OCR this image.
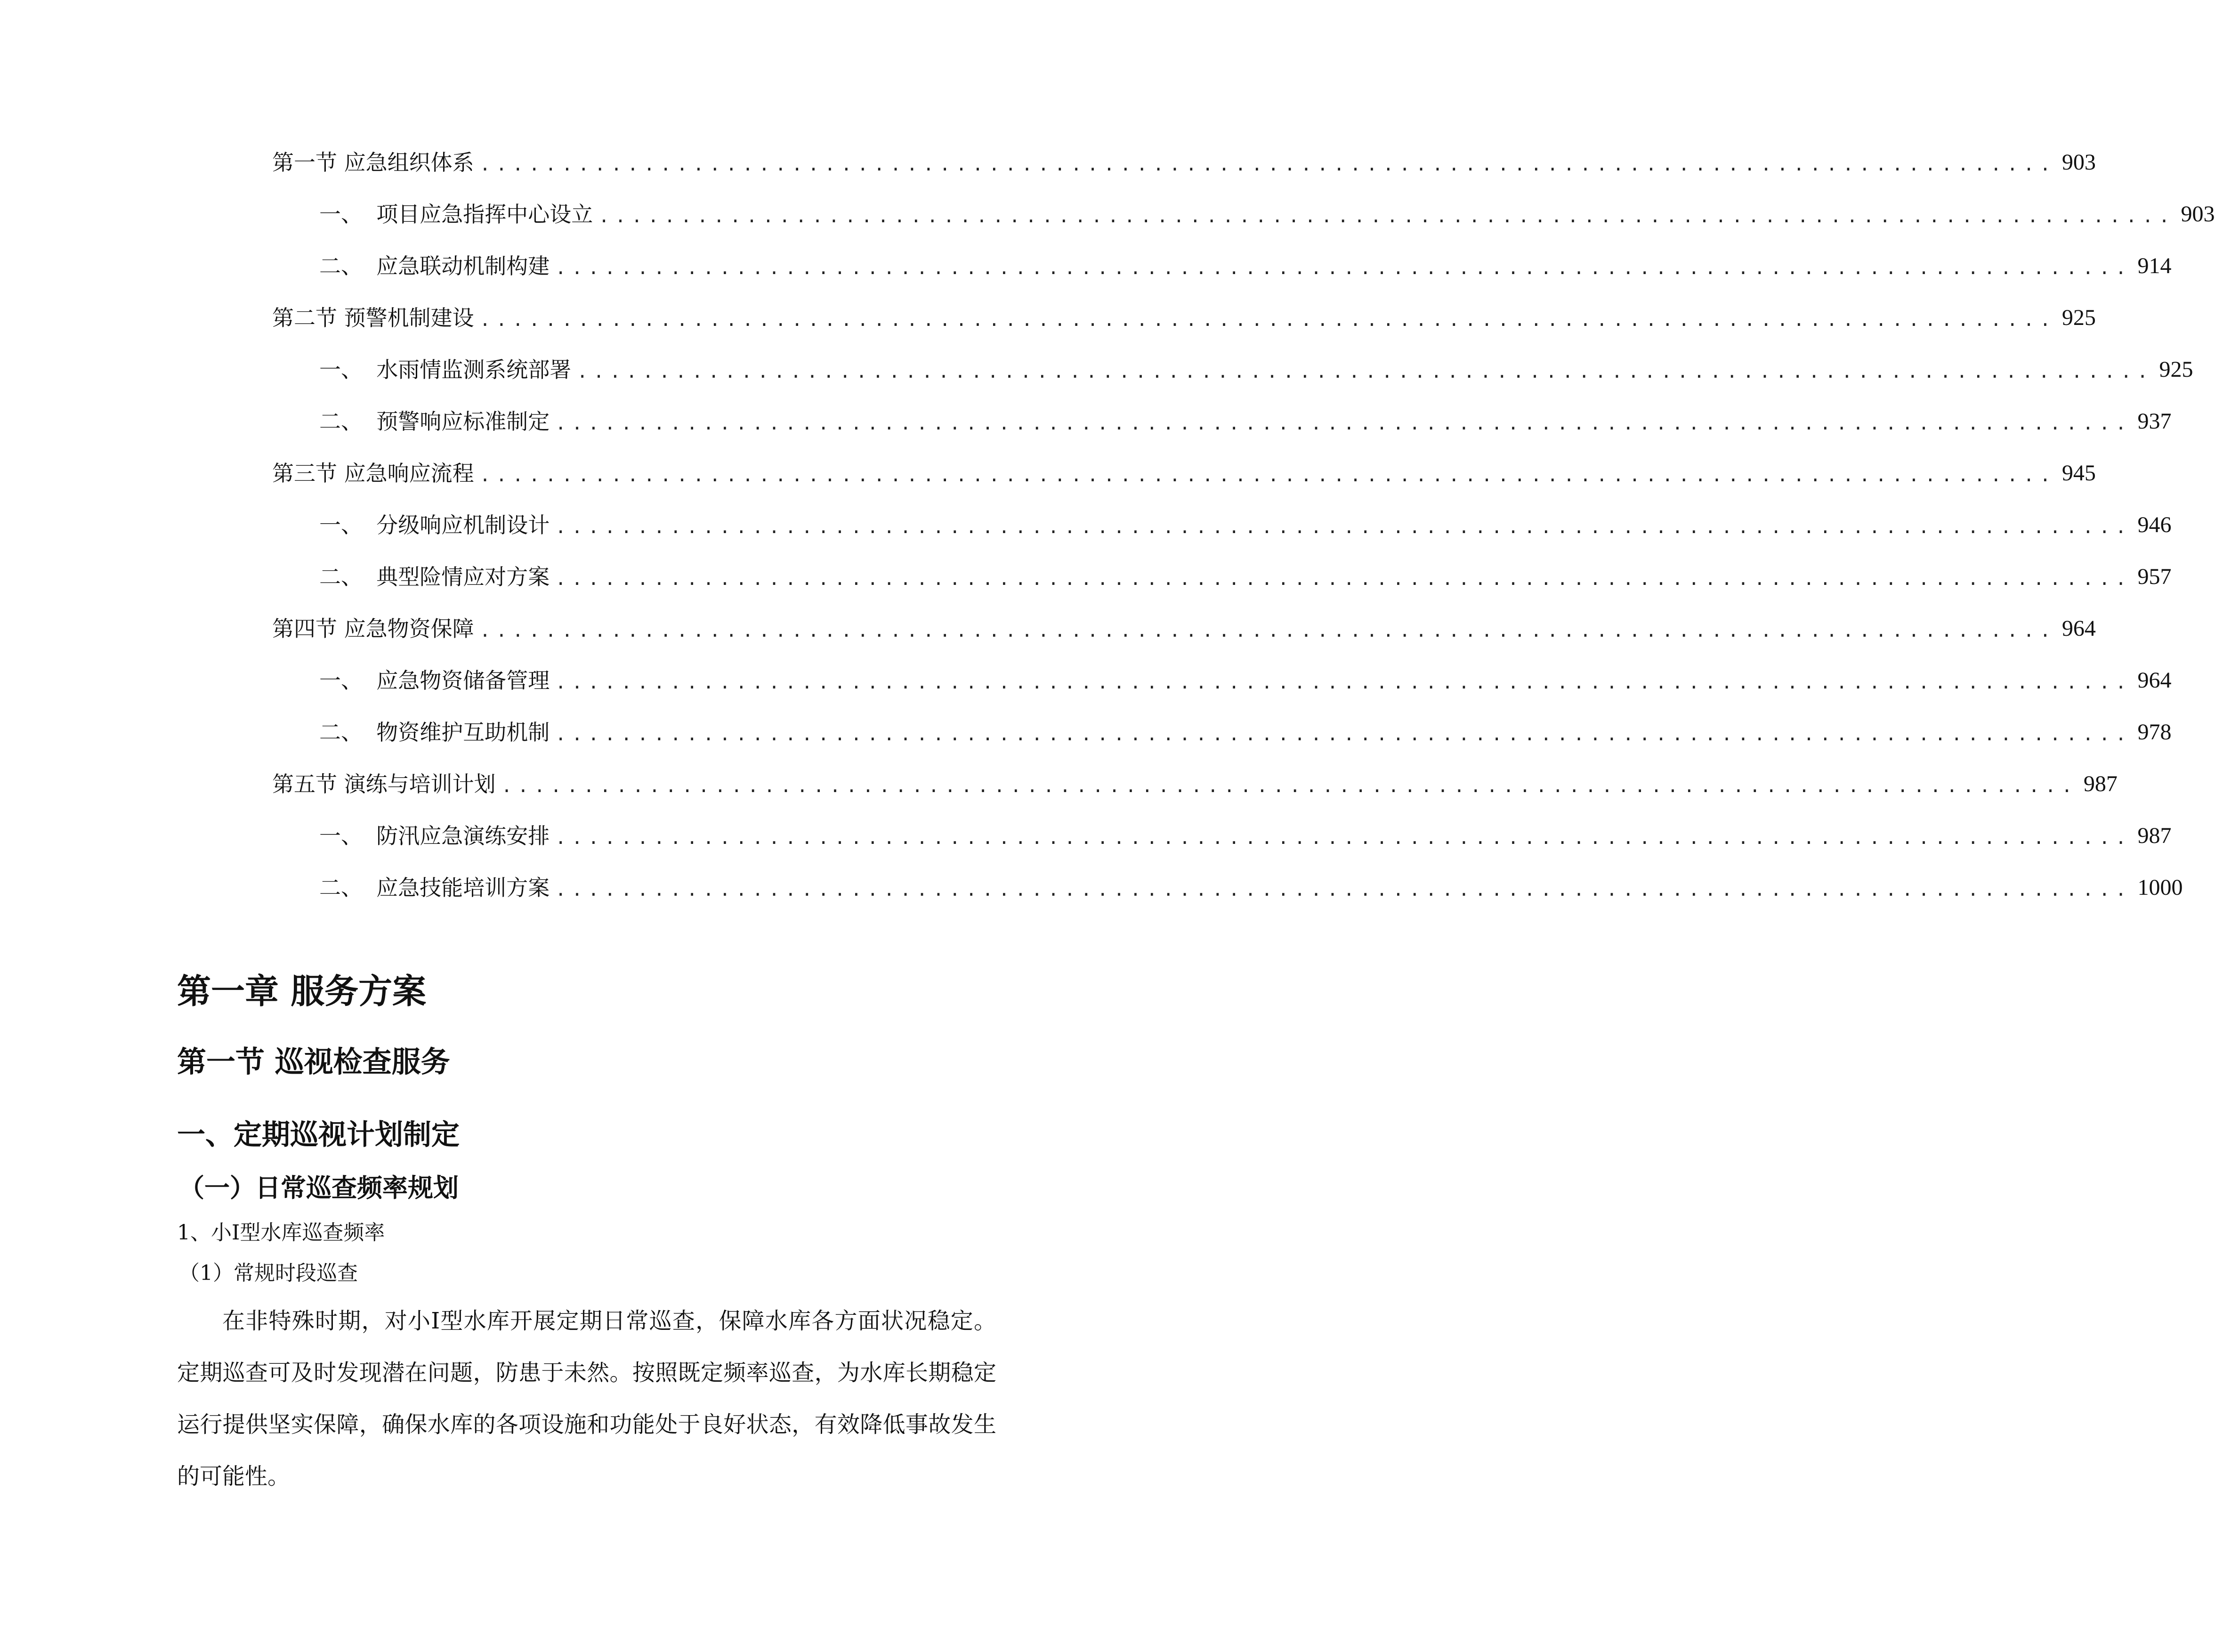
第一节 应急组织体系 ................................................................................................ 903
一、  项目应急指挥中心设立 ................................................................................................ 903
二、  应急联动机制构建 ................................................................................................ 914
第二节 预警机制建设 ................................................................................................ 925
一、  水雨情监测系统部署 ................................................................................................ 925
二、  预警响应标准制定 ................................................................................................ 937
第三节 应急响应流程 ................................................................................................ 945
一、  分级响应机制设计 ................................................................................................ 946
二、  典型险情应对方案 ................................................................................................ 957
第四节 应急物资保障 ................................................................................................ 964
一、  应急物资储备管理 ................................................................................................ 964
二、  物资维护互助机制 ................................................................................................ 978
第五节 演练与培训计划 ................................................................................................ 987
一、  防汛应急演练安排 ................................................................................................ 987
二、  应急技能培训方案 ................................................................................................ 1000
第一章 服务方案
第一节 巡视检查服务
一、定期巡视计划制定
（一）日常巡查频率规划
1、小Ⅰ型水库巡查频率
（1）常规时段巡查

在非特殊时期，对小Ⅰ型水库开展定期日常巡查，保障水库各方面状况稳定。定期巡查可及时发现潜在问题，防患于未然。按照既定频率巡查，为水库长期稳定运行提供坚实保障，确保水库的各项设施和功能处于良好状态，有效降低事故发生的可能性。
